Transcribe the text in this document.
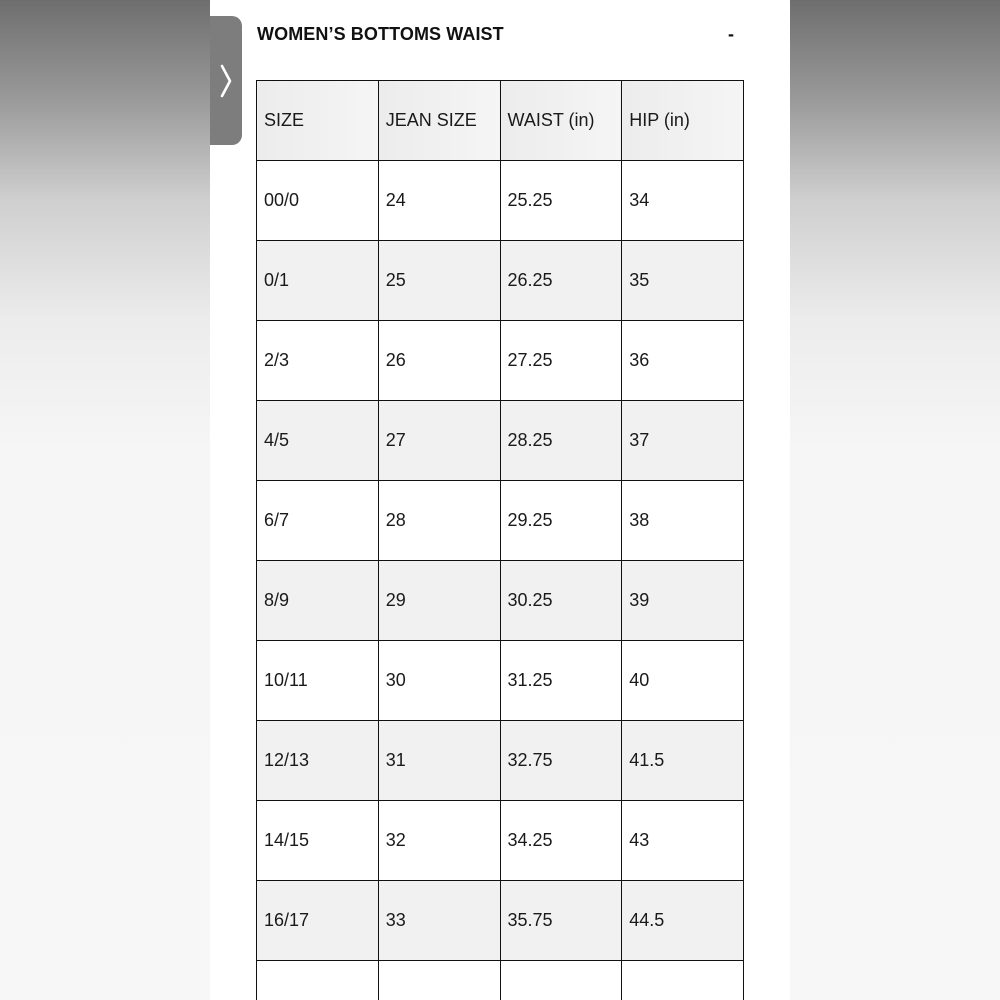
WOMEN’S BOTTOMS WAIST	-
SIZE	JEAN SIZE	WAIST (in)	HIP (in)
00/0	24	25.25	34
0/1	25	26.25	35
2/3	26	27.25	36
4/5	27	28.25	37
6/7	28	29.25	38
8/9	29	30.25	39
10/11	30	31.25	40
12/13	31	32.75	41.5
14/15	32	34.25	43
16/17	33	35.75	44.5
